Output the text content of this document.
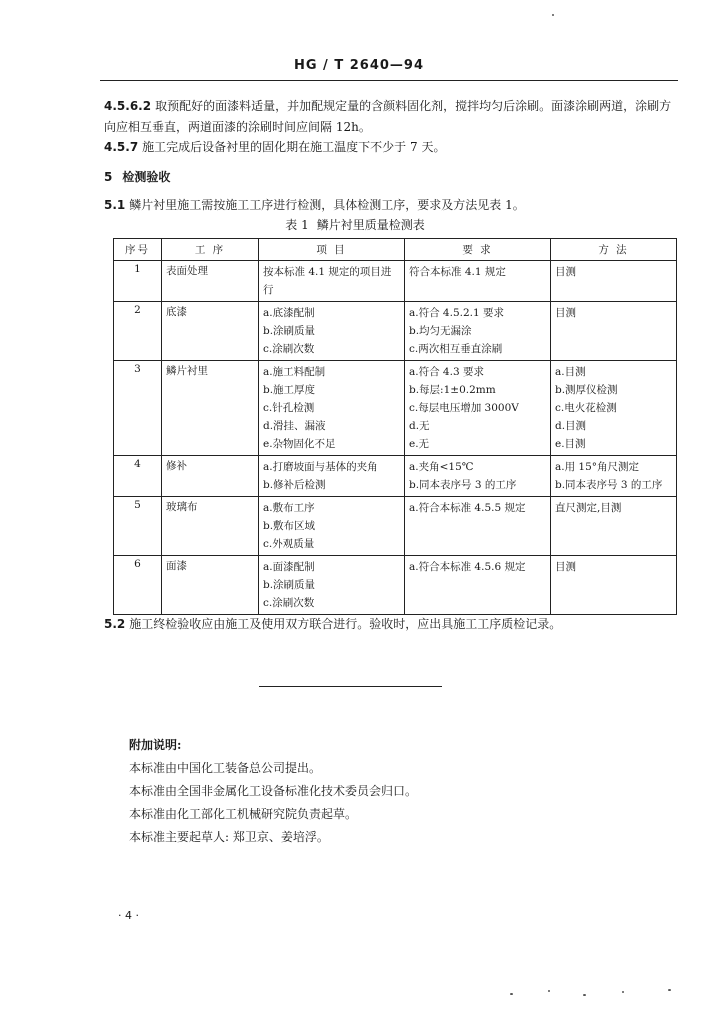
HG / T 2640—94

4.5.6.2 取预配好的面漆料适量，并加配规定量的含颜料固化剂，搅拌均匀后涂刷。面漆涂刷两道，涂刷方向应相互垂直，两道面漆的涂刷时间应间隔 12h。

4.5.7 施工完成后设备衬里的固化期在施工温度下不少于 7 天。

5 检测验收

5.1 鳞片衬里施工需按施工工序进行检测，具体检测工序，要求及方法见表 1。

表 1 鳞片衬里质量检测表
序号	工 序	项 目	要 求	方 法
1	表面处理	按本标准 4.1 规定的项目进行	符合本标准 4.1 规定	目测

2	底漆	a.底漆配制
b.涂刷质量
c.涂刷次数	a.符合 4.5.2.1 要求
b.均匀无漏涂
c.两次相互垂直涂刷	目测

3	鳞片衬里	a.施工料配制
b.施工厚度
c.针孔检测
d.滑挂、漏液
e.杂物固化不足	a.符合 4.3 要求
b.每层:1±0.2mm
c.每层电压增加 3000V
d.无
e.无	a.目测
b.测厚仪检测
c.电火花检测
d.目测
e.目测

4	修补	a.打磨坡面与基体的夹角
b.修补后检测	a.夹角<15℃
b.同本表序号 3 的工序	a.用 15°角尺测定
b.同本表序号 3 的工序

5	玻璃布	a.敷布工序
b.敷布区域
c.外观质量	a.符合本标准 4.5.5 规定	直尺测定,目测

6	面漆	a.面漆配制
b.涂刷质量
c.涂刷次数	a.符合本标准 4.5.6 规定	目测

5.2 施工终检验收应由施工及使用双方联合进行。验收时，应出具施工工序质检记录。

附加说明:
本标准由中国化工装备总公司提出。
本标准由全国非金属化工设备标准化技术委员会归口。
本标准由化工部化工机械研究院负责起草。
本标准主要起草人: 郑卫京、姜培浮。
· 4 ·
